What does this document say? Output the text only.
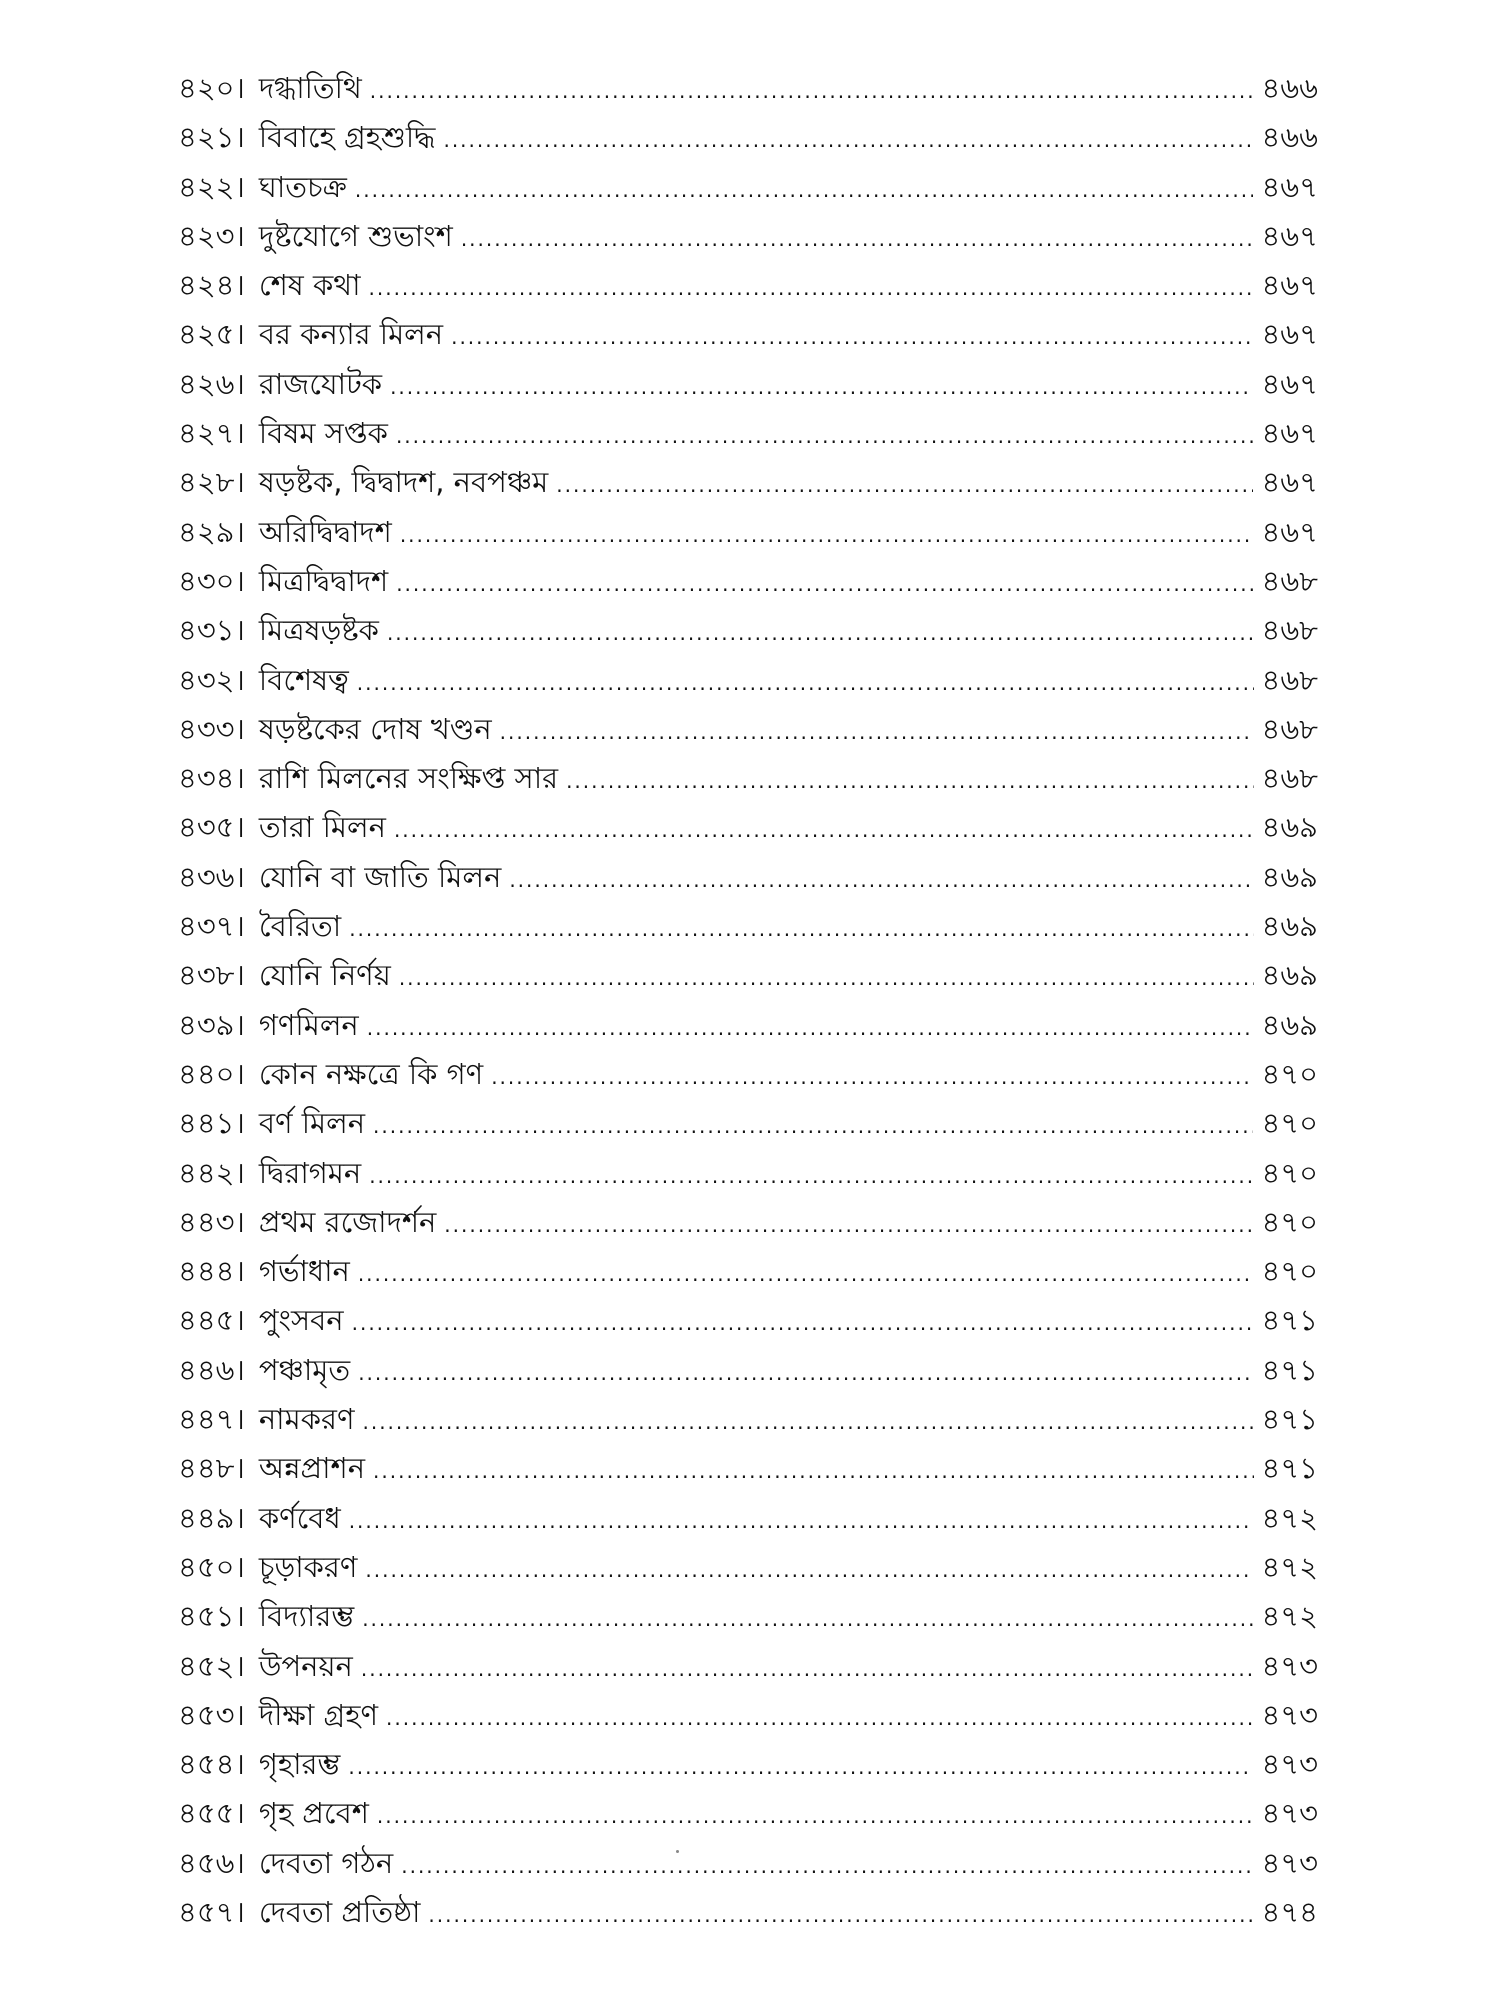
৪২০। দগ্ধাতিথি .....	৪৬৬
৪২১। বিবাহে গ্রহশুদ্ধি .....	৪৬৬
৪২২। ঘাতচক্র .....	৪৬৭
৪২৩। দুষ্টযোগে শুভাংশ .....	৪৬৭
৪২৪। শেষ কথা .....	৪৬৭
৪২৫। বর কন্যার মিলন .....	৪৬৭
৪২৬। রাজযোটক .....	৪৬৭
৪২৭। বিষম সপ্তক .....	৪৬৭
৪২৮। ষড়ষ্টক, দ্বিদ্বাদশ, নবপঞ্চম .....	৪৬৭
৪২৯। অরিদ্বিদ্বাদশ .....	৪৬৭
৪৩০। মিত্রদ্বিদ্বাদশ .....	৪৬৮
৪৩১। মিত্রষড়ষ্টক .....	৪৬৮
৪৩২। বিশেষত্ব .....	৪৬৮
৪৩৩। ষড়ষ্টকের দোষ খণ্ডন .....	৪৬৮
৪৩৪। রাশি মিলনের সংক্ষিপ্ত সার .....	৪৬৮
৪৩৫। তারা মিলন .....	৪৬৯
৪৩৬। যোনি বা জাতি মিলন .....	৪৬৯
৪৩৭। বৈরিতা .....	৪৬৯
৪৩৮। যোনি নির্ণয় .....	৪৬৯
৪৩৯। গণমিলন .....	৪৬৯
৪৪০। কোন নক্ষত্রে কি গণ .....	৪৭০
৪৪১। বর্ণ মিলন .....	৪৭০
৪৪২। দ্বিরাগমন .....	৪৭০
৪৪৩। প্রথম রজোদর্শন .....	৪৭০
৪৪৪। গর্ভাধান .....	৪৭০
৪৪৫। পুংসবন .....	৪৭১
৪৪৬। পঞ্চামৃত .....	৪৭১
৪৪৭। নামকরণ .....	৪৭১
৪৪৮। অন্নপ্রাশন .....	৪৭১
৪৪৯। কর্ণবেধ .....	৪৭২
৪৫০। চূড়াকরণ .....	৪৭২
৪৫১। বিদ্যারম্ভ .....	৪৭২
৪৫২। উপনয়ন .....	৪৭৩
৪৫৩। দীক্ষা গ্রহণ .....	৪৭৩
৪৫৪। গৃহারম্ভ .....	৪৭৩
৪৫৫। গৃহ প্রবেশ .....	৪৭৩
৪৫৬। দেবতা গঠন .....	৪৭৩
৪৫৭। দেবতা প্রতিষ্ঠা .....	৪৭৪
